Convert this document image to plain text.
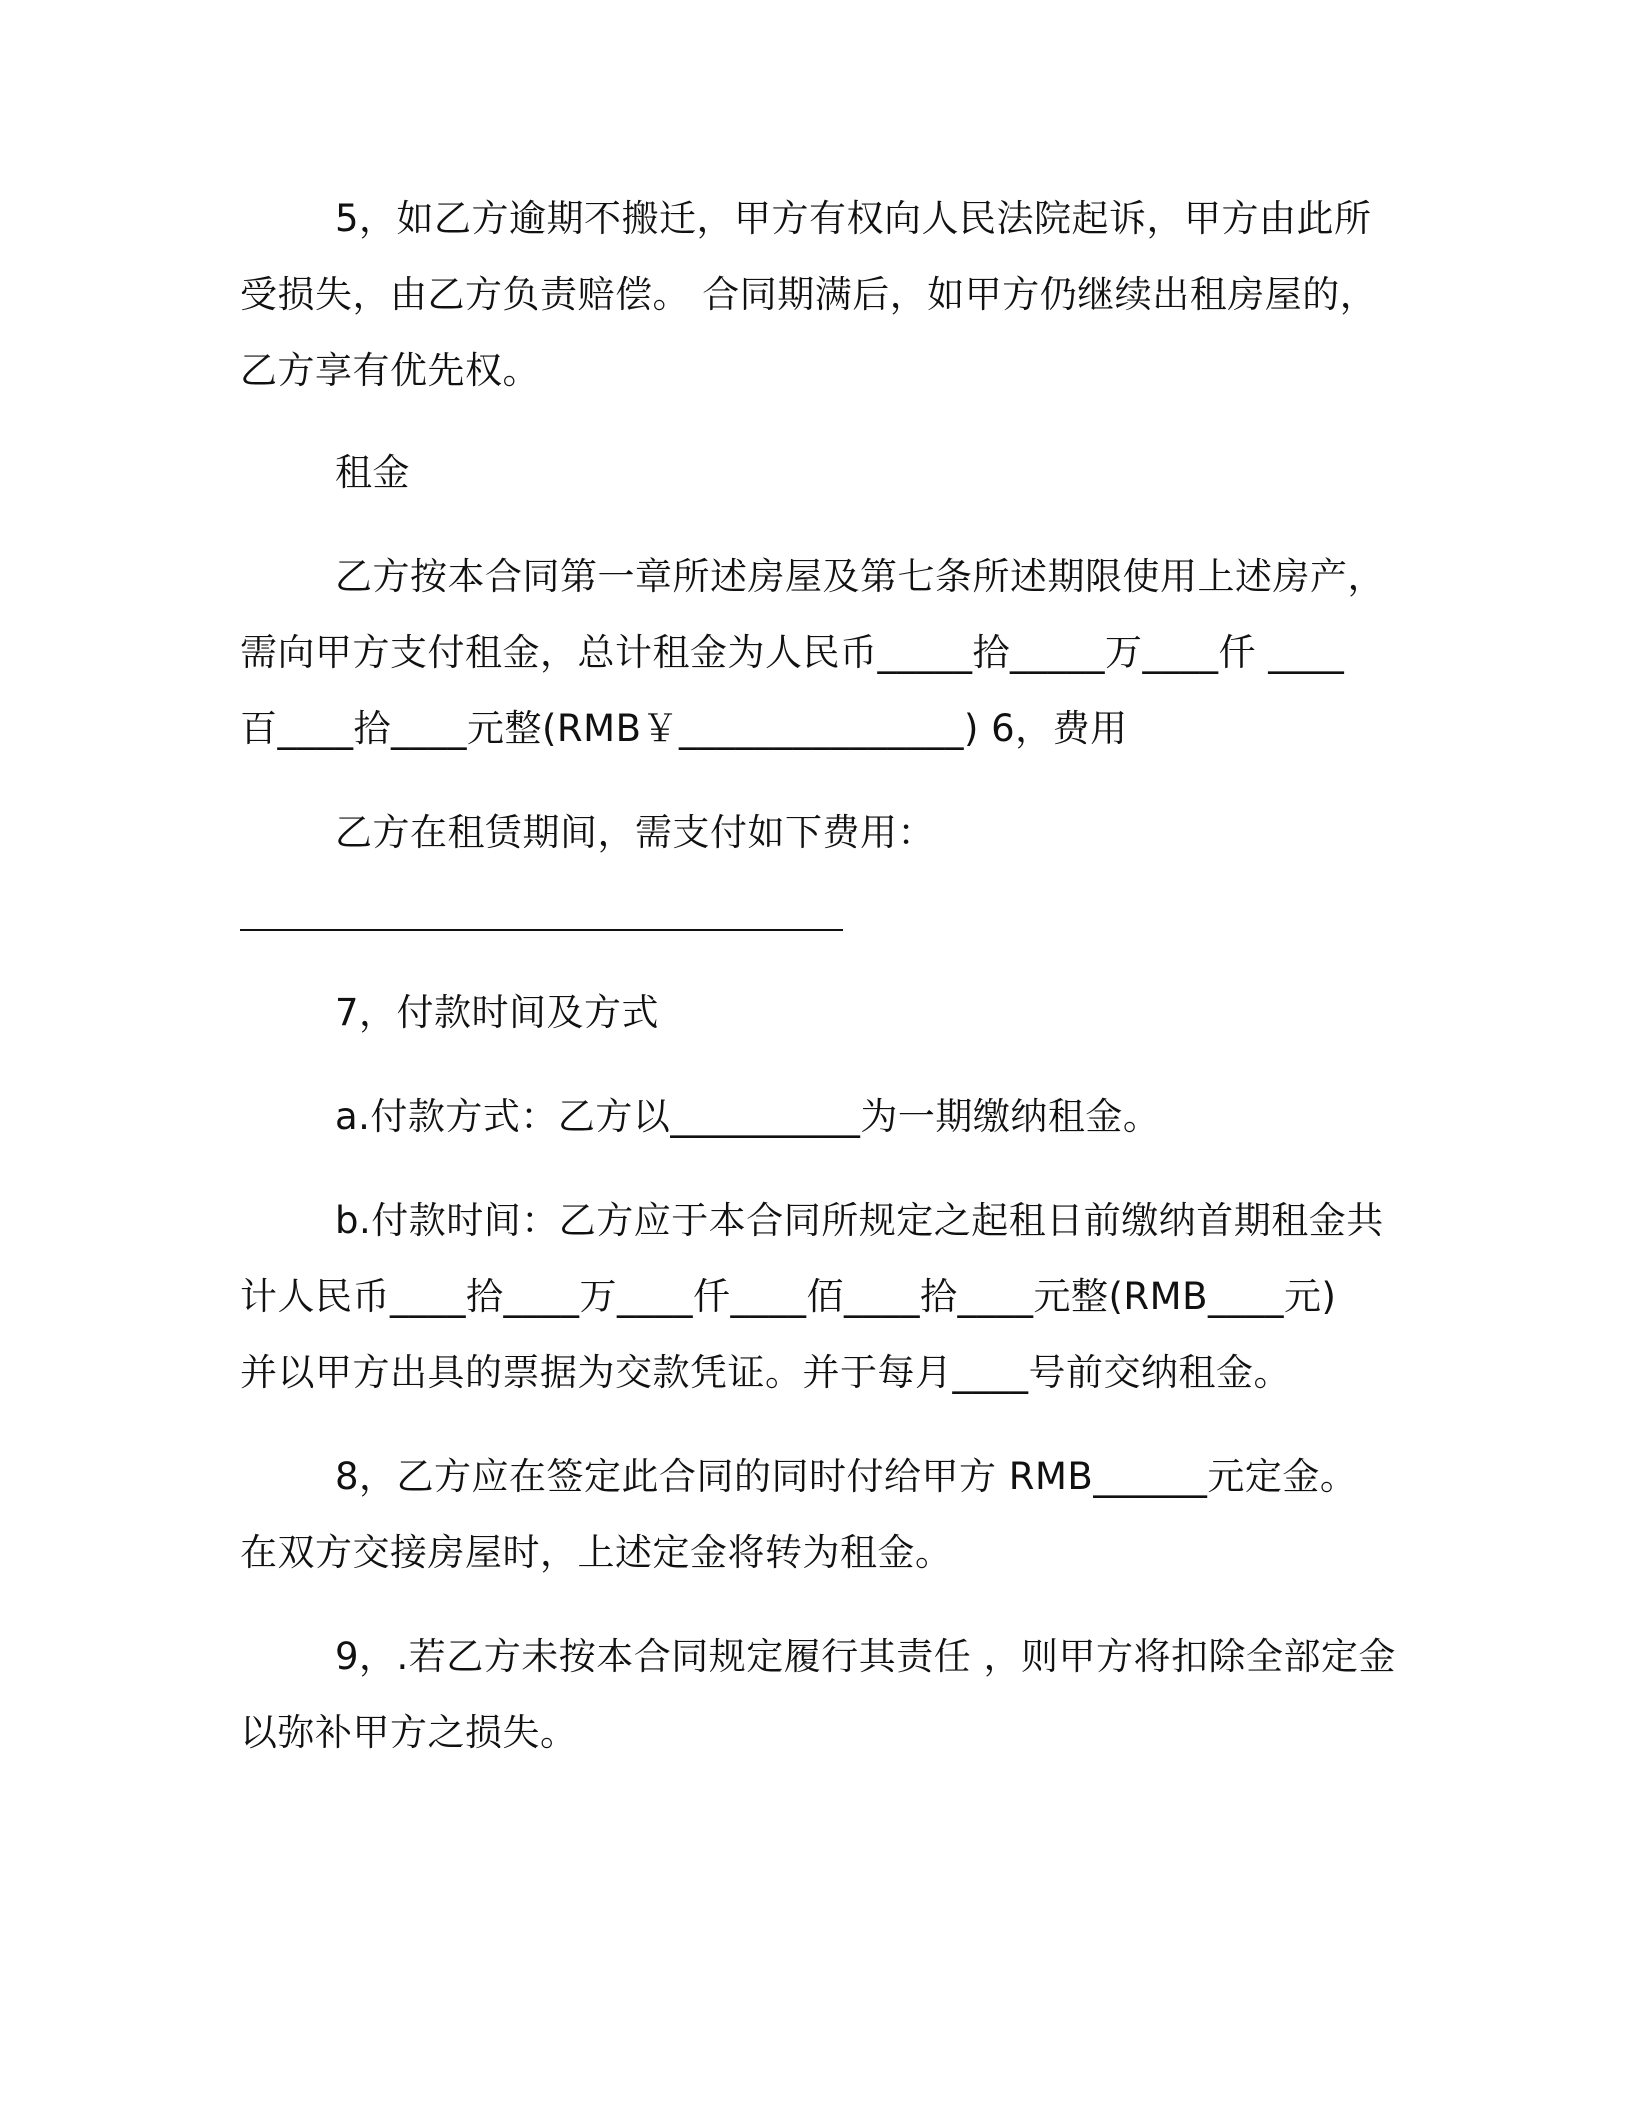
5，如乙方逾期不搬迁，甲方有权向人民法院起诉，甲方由此所
受损失，由乙方负责赔偿。 合同期满后，如甲方仍继续出租房屋的，
乙方享有优先权。
租金
乙方按本合同第一章所述房屋及第七条所述期限使用上述房产，
需向甲方支付租金，总计租金为人民币_____拾_____万____仟 ____
百____拾____元整(RMB￥_______________) 6，费用
乙方在租赁期间，需支付如下费用：
7，付款时间及方式
a.付款方式：乙方以__________为一期缴纳租金。
b.付款时间：乙方应于本合同所规定之起租日前缴纳首期租金共
计人民币____拾____万____仟____佰____拾____元整(RMB____元)
并以甲方出具的票据为交款凭证。并于每月____号前交纳租金。
8，乙方应在签定此合同的同时付给甲方 RMB______元定金。
在双方交接房屋时，上述定金将转为租金。
9，.若乙方未按本合同规定履行其责任 ，则甲方将扣除全部定金
以弥补甲方之损失。
